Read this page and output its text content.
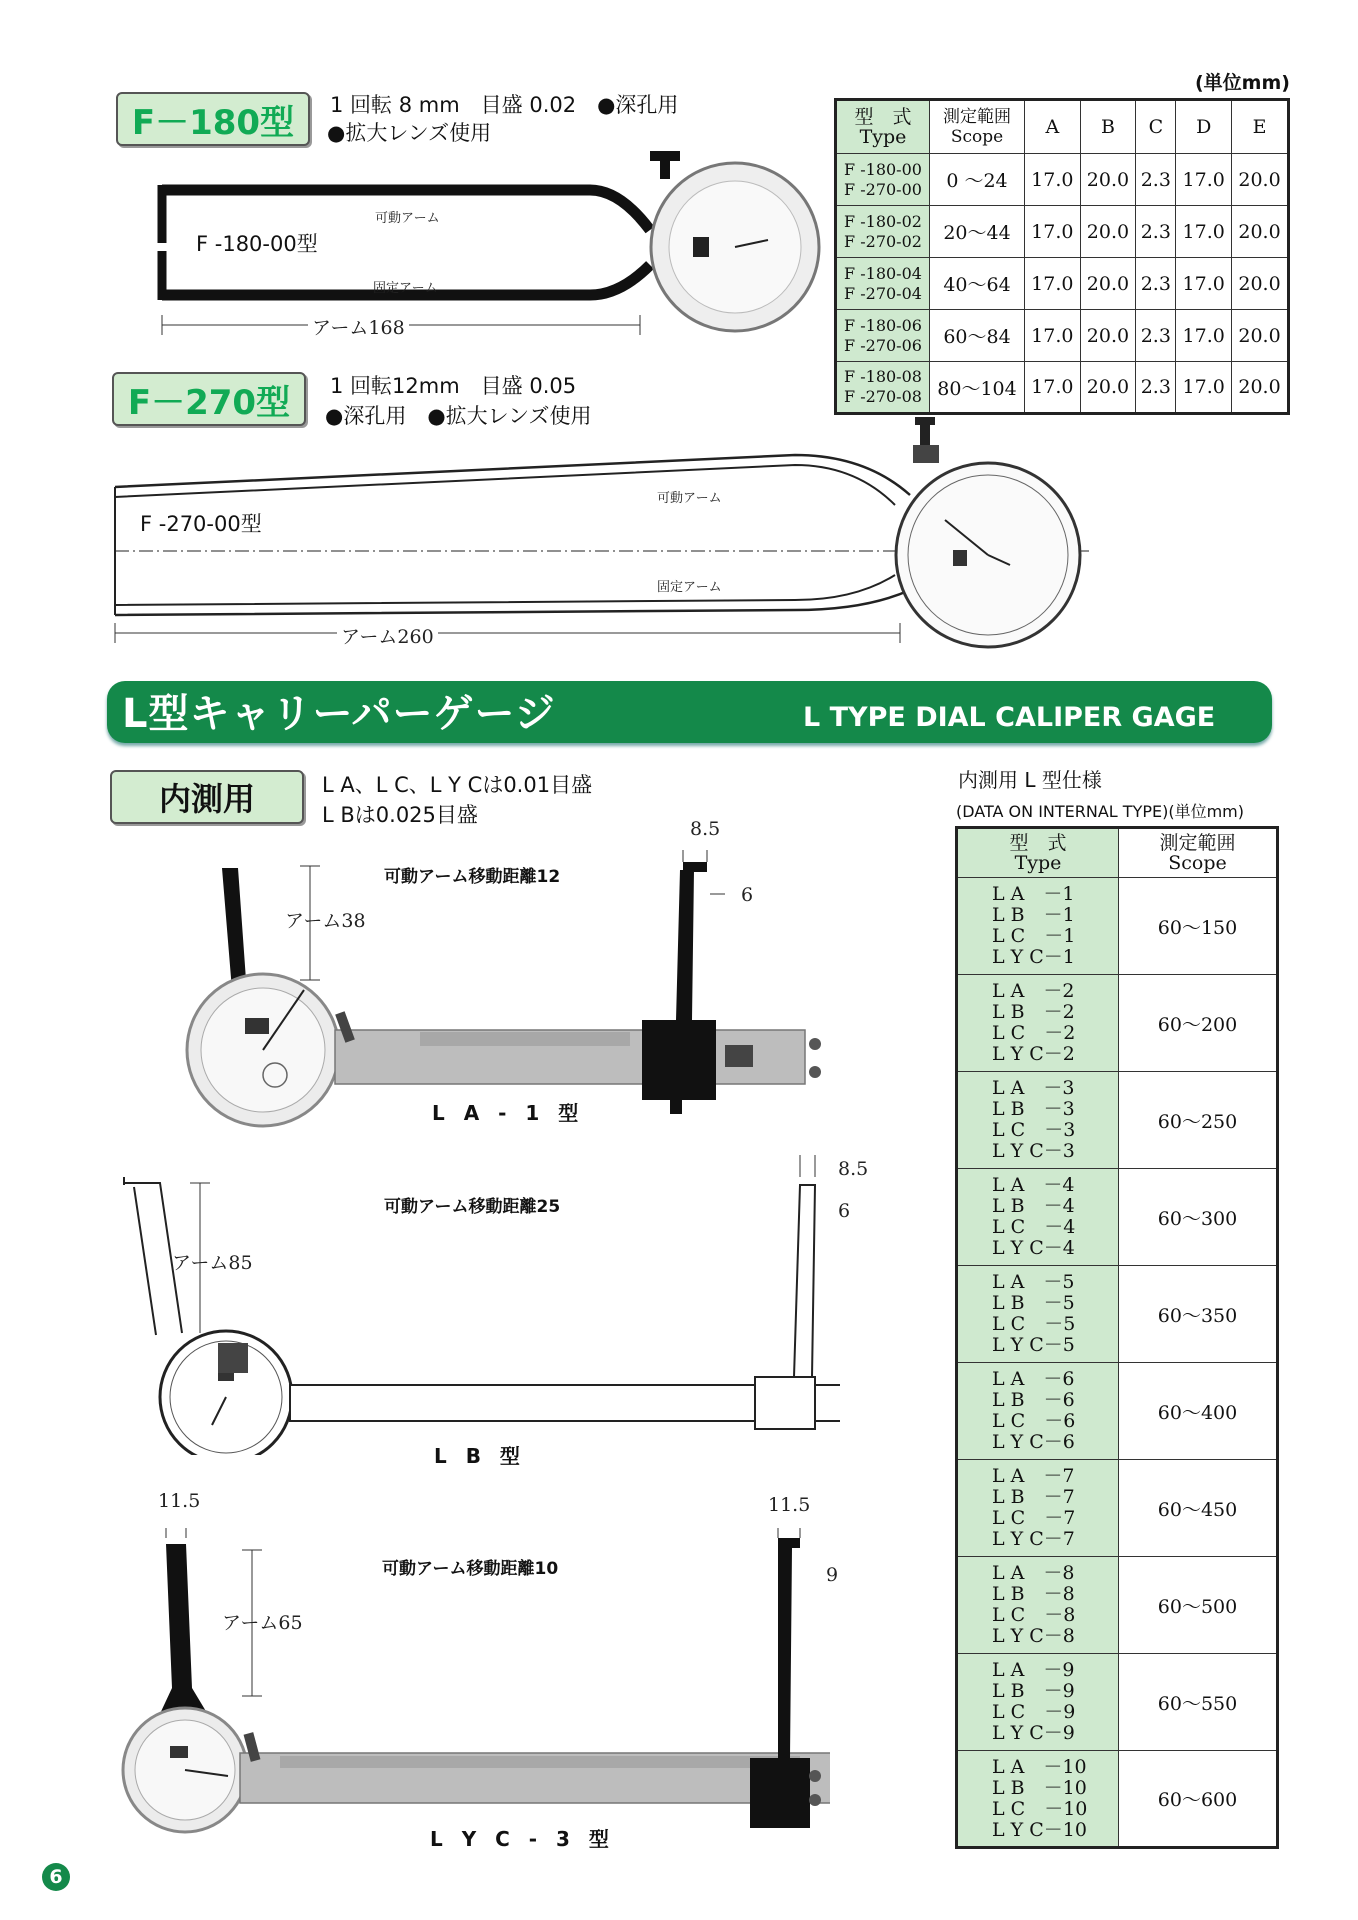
(単位mm)
F－180型	1 回転 8 mm　目盛 0.02　●深孔用
●拡大レンズ使用
F -180-00型
可動アーム
固定アーム
アーム168
型　式
Type	測定範囲
Scope	A	B	C	D	E
F -180-00
F -270-00	0 ～24	17.0	20.0	2.3	17.0	20.0
F -180-02
F -270-02	20～44	17.0	20.0	2.3	17.0	20.0
F -180-04
F -270-04	40～64	17.0	20.0	2.3	17.0	20.0
F -180-06
F -270-06	60～84	17.0	20.0	2.3	17.0	20.0
F -180-08
F -270-08	80～104	17.0	20.0	2.3	17.0	20.0
F－270型	1 回転12mm　目盛 0.05
●深孔用　●拡大レンズ使用
F -270-00型
可動アーム
固定アーム
アーム260
L型キャリーパーゲージ	L TYPE DIAL CALIPER GAGE
内測用	L A、L C、L Y Cは0.01目盛
L Bは0.025目盛
可動アーム移動距離12
アーム38
8.5
6
L A - 1 型
可動アーム移動距離25
アーム85
8.5
6
L B 型
可動アーム移動距離10
アーム65
11.5	11.5
9
L Y C - 3 型
内測用 L 型仕様
(DATA ON INTERNAL TYPE)(単位mm)
型　式
Type	測定範囲
Scope
L A　－1
L B　－1
L C　－1
L Y C－1	60～150
L A　－2
L B　－2
L C　－2
L Y C－2	60～200
L A　－3
L B　－3
L C　－3
L Y C－3	60～250
L A　－4
L B　－4
L C　－4
L Y C－4	60～300
L A　－5
L B　－5
L C　－5
L Y C－5	60～350
L A　－6
L B　－6
L C　－6
L Y C－6	60～400
L A　－7
L B　－7
L C　－7
L Y C－7	60～450
L A　－8
L B　－8
L C　－8
L Y C－8	60～500
L A　－9
L B　－9
L C　－9
L Y C－9	60～550
L A　－10
L B　－10
L C　－10
L Y C－10	60～600
6
